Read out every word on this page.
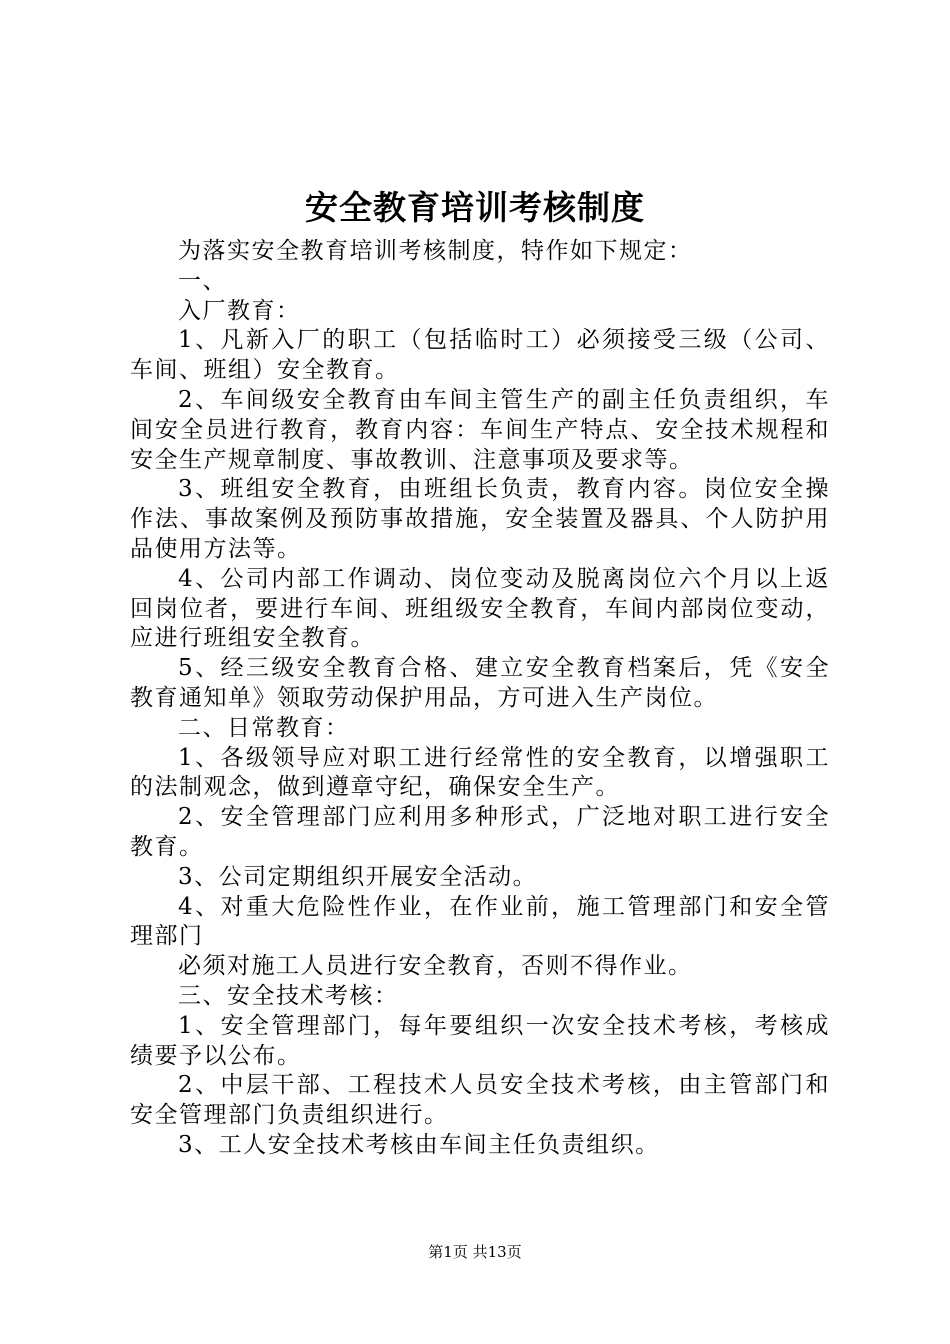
安全教育培训考核制度

为落实安全教育培训考核制度，特作如下规定：

一、

入厂教育：

1、凡新入厂的职工（包括临时工）必须接受三级（公司、车间、班组）安全教育。

2、车间级安全教育由车间主管生产的副主任负责组织，车间安全员进行教育，教育内容：车间生产特点、安全技术规程和安全生产规章制度、事故教训、注意事项及要求等。

3、班组安全教育，由班组长负责，教育内容。岗位安全操作法、事故案例及预防事故措施，安全装置及器具、个人防护用品使用方法等。

4、公司内部工作调动、岗位变动及脱离岗位六个月以上返回岗位者，要进行车间、班组级安全教育，车间内部岗位变动，应进行班组安全教育。

5、经三级安全教育合格、建立安全教育档案后，凭《安全教育通知单》领取劳动保护用品，方可进入生产岗位。

二、日常教育：

1、各级领导应对职工进行经常性的安全教育，以增强职工的法制观念，做到遵章守纪，确保安全生产。

2、安全管理部门应利用多种形式，广泛地对职工进行安全教育。

3、公司定期组织开展安全活动。

4、对重大危险性作业，在作业前，施工管理部门和安全管理部门

必须对施工人员进行安全教育，否则不得作业。

三、安全技术考核：

1、安全管理部门，每年要组织一次安全技术考核，考核成绩要予以公布。

2、中层干部、工程技术人员安全技术考核，由主管部门和安全管理部门负责组织进行。

3、工人安全技术考核由车间主任负责组织。

第1页 共13页
